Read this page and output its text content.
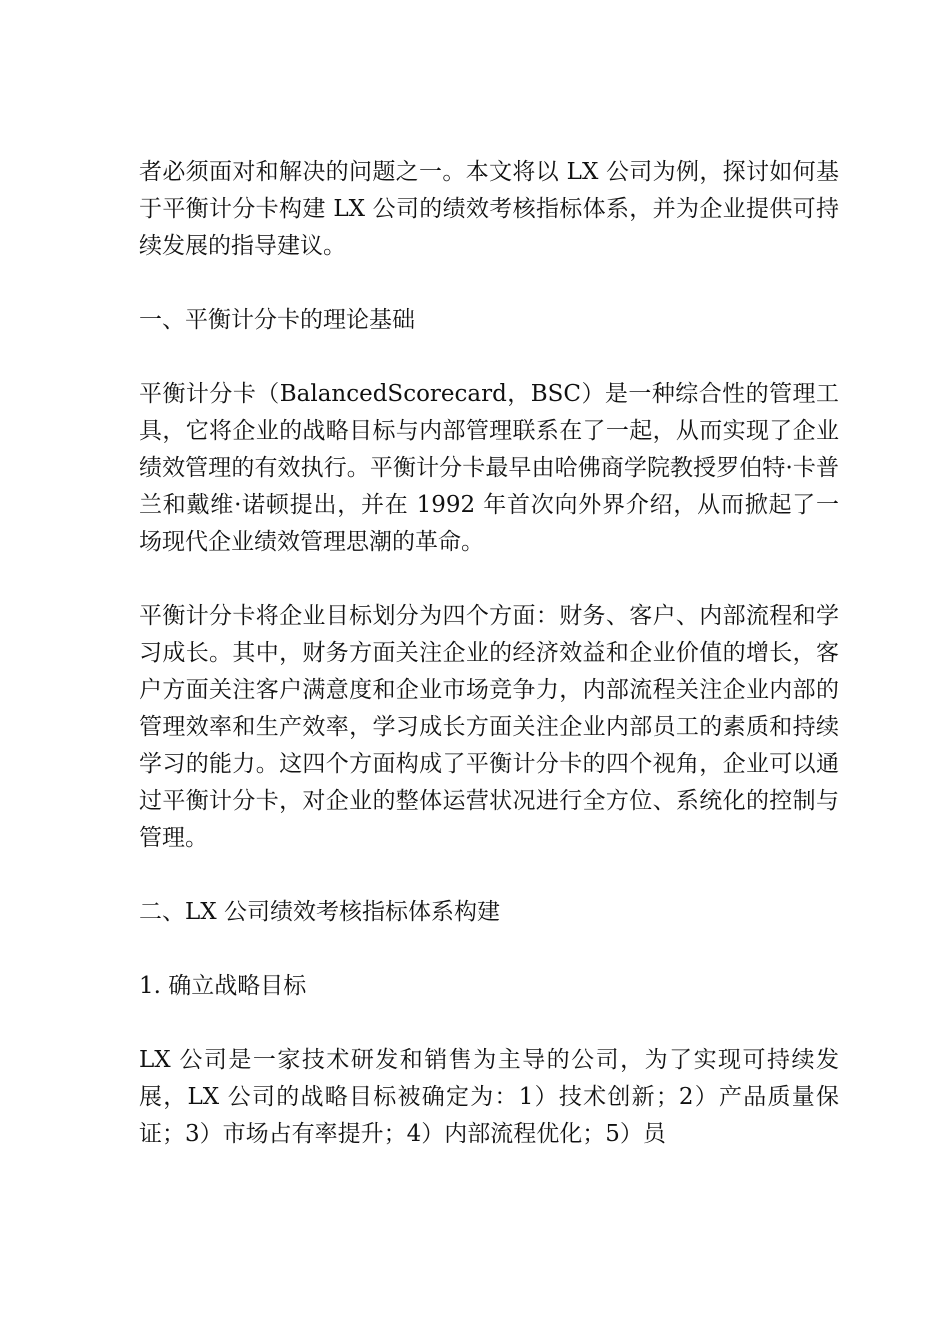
者必须面对和解决的问题之一。本文将以 LX 公司为例，探讨如何基于平衡计分卡构建 LX 公司的绩效考核指标体系，并为企业提供可持续发展的指导建议。

一、平衡计分卡的理论基础

平衡计分卡（BalancedScorecard，BSC）是一种综合性的管理工具，它将企业的战略目标与内部管理联系在了一起，从而实现了企业绩效管理的有效执行。平衡计分卡最早由哈佛商学院教授罗伯特·卡普兰和戴维·诺顿提出，并在 1992 年首次向外界介绍，从而掀起了一场现代企业绩效管理思潮的革命。

平衡计分卡将企业目标划分为四个方面：财务、客户、内部流程和学习成长。其中，财务方面关注企业的经济效益和企业价值的增长，客户方面关注客户满意度和企业市场竞争力，内部流程关注企业内部的管理效率和生产效率，学习成长方面关注企业内部员工的素质和持续学习的能力。这四个方面构成了平衡计分卡的四个视角，企业可以通过平衡计分卡，对企业的整体运营状况进行全方位、系统化的控制与管理。

二、LX 公司绩效考核指标体系构建

1. 确立战略目标

LX 公司是一家技术研发和销售为主导的公司，为了实现可持续发展，LX 公司的战略目标被确定为：1）技术创新；2）产品质量保证；3）市场占有率提升；4）内部流程优化；5）员
